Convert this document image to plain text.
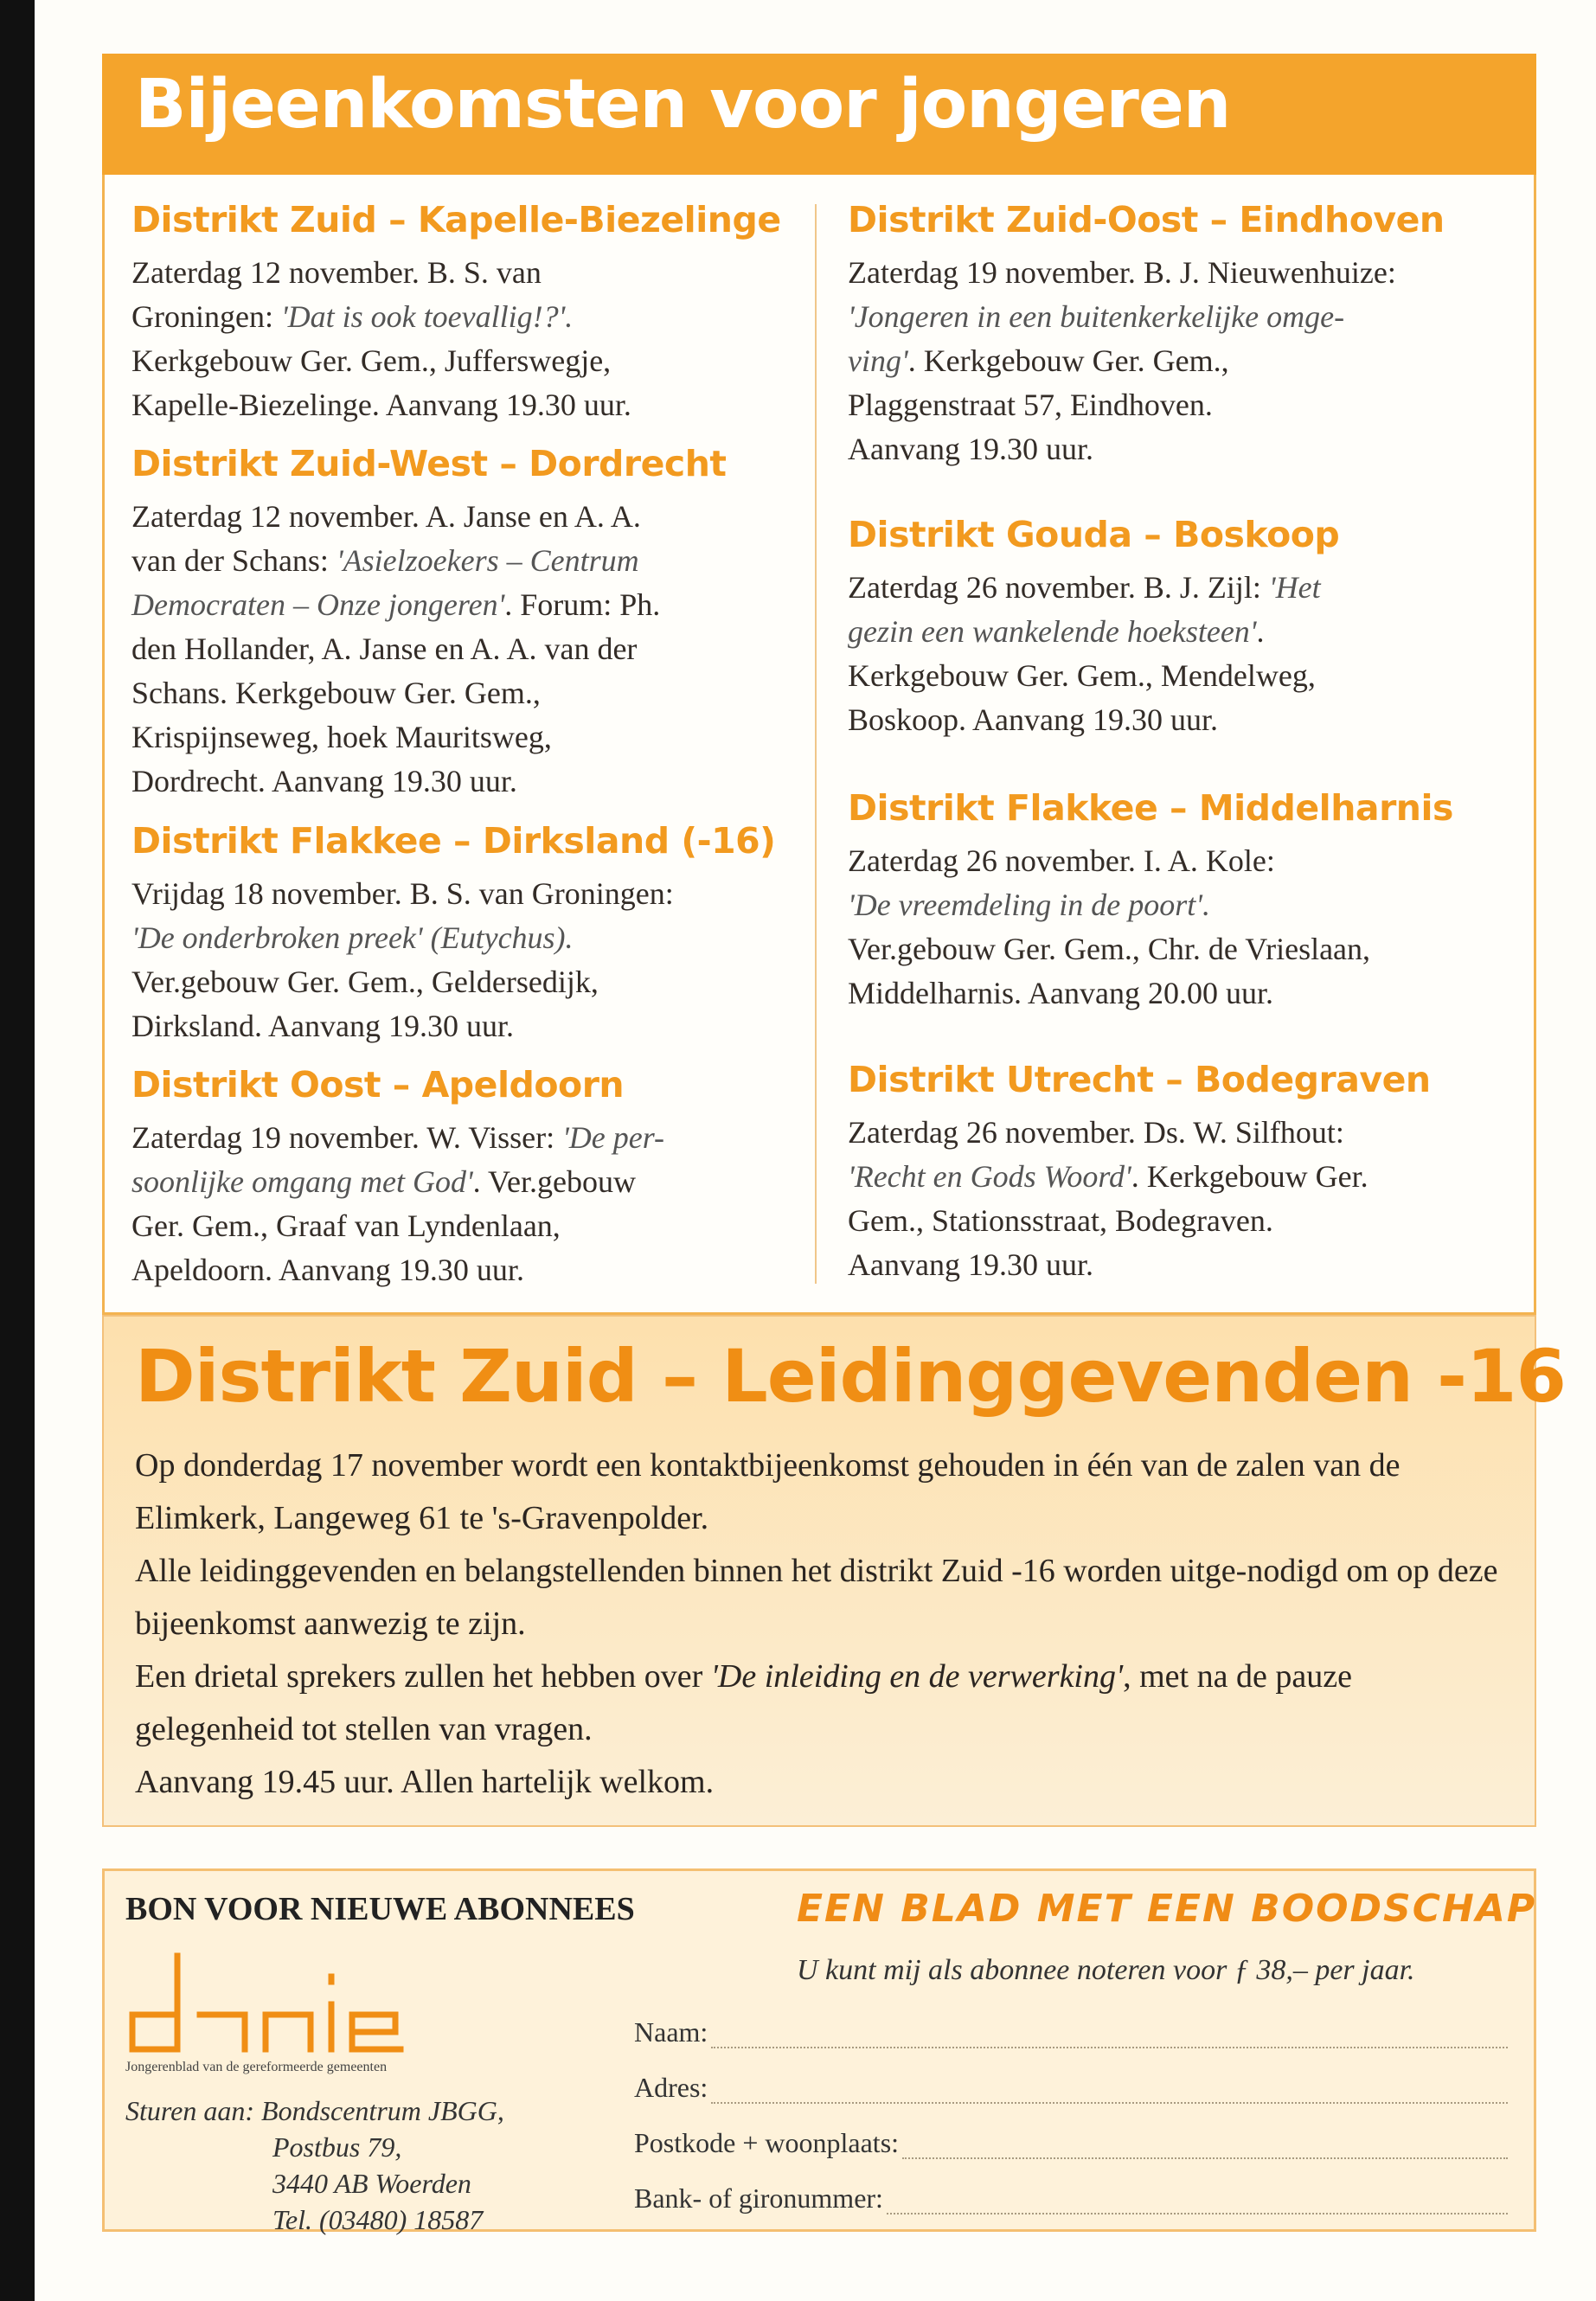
Bijeenkomsten voor jongeren
Distrikt Zuid – Kapelle-Biezelinge

Zaterdag 12 november. B. S. van
Groningen: 'Dat is ook toevallig!?'.
Kerkgebouw Ger. Gem., Jufferswegje,
Kapelle-Biezelinge. Aanvang 19.30 uur.

Distrikt Zuid-West – Dordrecht

Zaterdag 12 november. A. Janse en A. A.
van der Schans: 'Asielzoekers – Centrum
Democraten – Onze jongeren'. Forum: Ph.
den Hollander, A. Janse en A. A. van der
Schans. Kerkgebouw Ger. Gem.,
Krispijnseweg, hoek Mauritsweg,
Dordrecht. Aanvang 19.30 uur.

Distrikt Flakkee – Dirksland (-16)

Vrijdag 18 november. B. S. van Groningen:
'De onderbroken preek' (Eutychus).
Ver.gebouw Ger. Gem., Geldersedijk,
Dirksland. Aanvang 19.30 uur.

Distrikt Oost – Apeldoorn

Zaterdag 19 november. W. Visser: 'De per-
soonlijke omgang met God'. Ver.gebouw
Ger. Gem., Graaf van Lyndenlaan,
Apeldoorn. Aanvang 19.30 uur.

Distrikt Zuid-Oost – Eindhoven

Zaterdag 19 november. B. J. Nieuwenhuize:
'Jongeren in een buitenkerkelijke omge-
ving'. Kerkgebouw Ger. Gem.,
Plaggenstraat 57, Eindhoven.
Aanvang 19.30 uur.

Distrikt Gouda – Boskoop

Zaterdag 26 november. B. J. Zijl: 'Het
gezin een wankelende hoeksteen'.
Kerkgebouw Ger. Gem., Mendelweg,
Boskoop. Aanvang 19.30 uur.

Distrikt Flakkee – Middelharnis

Zaterdag 26 november. I. A. Kole:
'De vreemdeling in de poort'.
Ver.gebouw Ger. Gem., Chr. de Vrieslaan,
Middelharnis. Aanvang 20.00 uur.

Distrikt Utrecht – Bodegraven

Zaterdag 26 november. Ds. W. Silfhout:
'Recht en Gods Woord'. Kerkgebouw Ger.
Gem., Stationsstraat, Bodegraven.
Aanvang 19.30 uur.

Distrikt Zuid – Leidinggevenden -16

Op donderdag 17 november wordt een kontaktbijeenkomst gehouden in één van de zalen van de Elimkerk, Langeweg 61 te 's-Gravenpolder.

Alle leidinggevenden en belangstellenden binnen het distrikt Zuid -16 worden uitge-nodigd om op deze bijeenkomst aanwezig te zijn.

Een drietal sprekers zullen het hebben over 'De inleiding en de verwerking', met na de pauze gelegenheid tot stellen van vragen.

Aanvang 19.45 uur. Allen hartelijk welkom.

BON VOOR NIEUWE ABONNEES	EEN BLAD MET EEN BOODSCHAP
U kunt mij als abonnee noteren voor ƒ 38,– per jaar.
Jongerenblad van de gereformeerde gemeenten
Sturen aan: Bondscentrum JBGG,
Postbus 79,
3440 AB Woerden
Tel. (03480) 18587
Naam:
Adres:
Postkode + woonplaats:
Bank- of gironummer:
